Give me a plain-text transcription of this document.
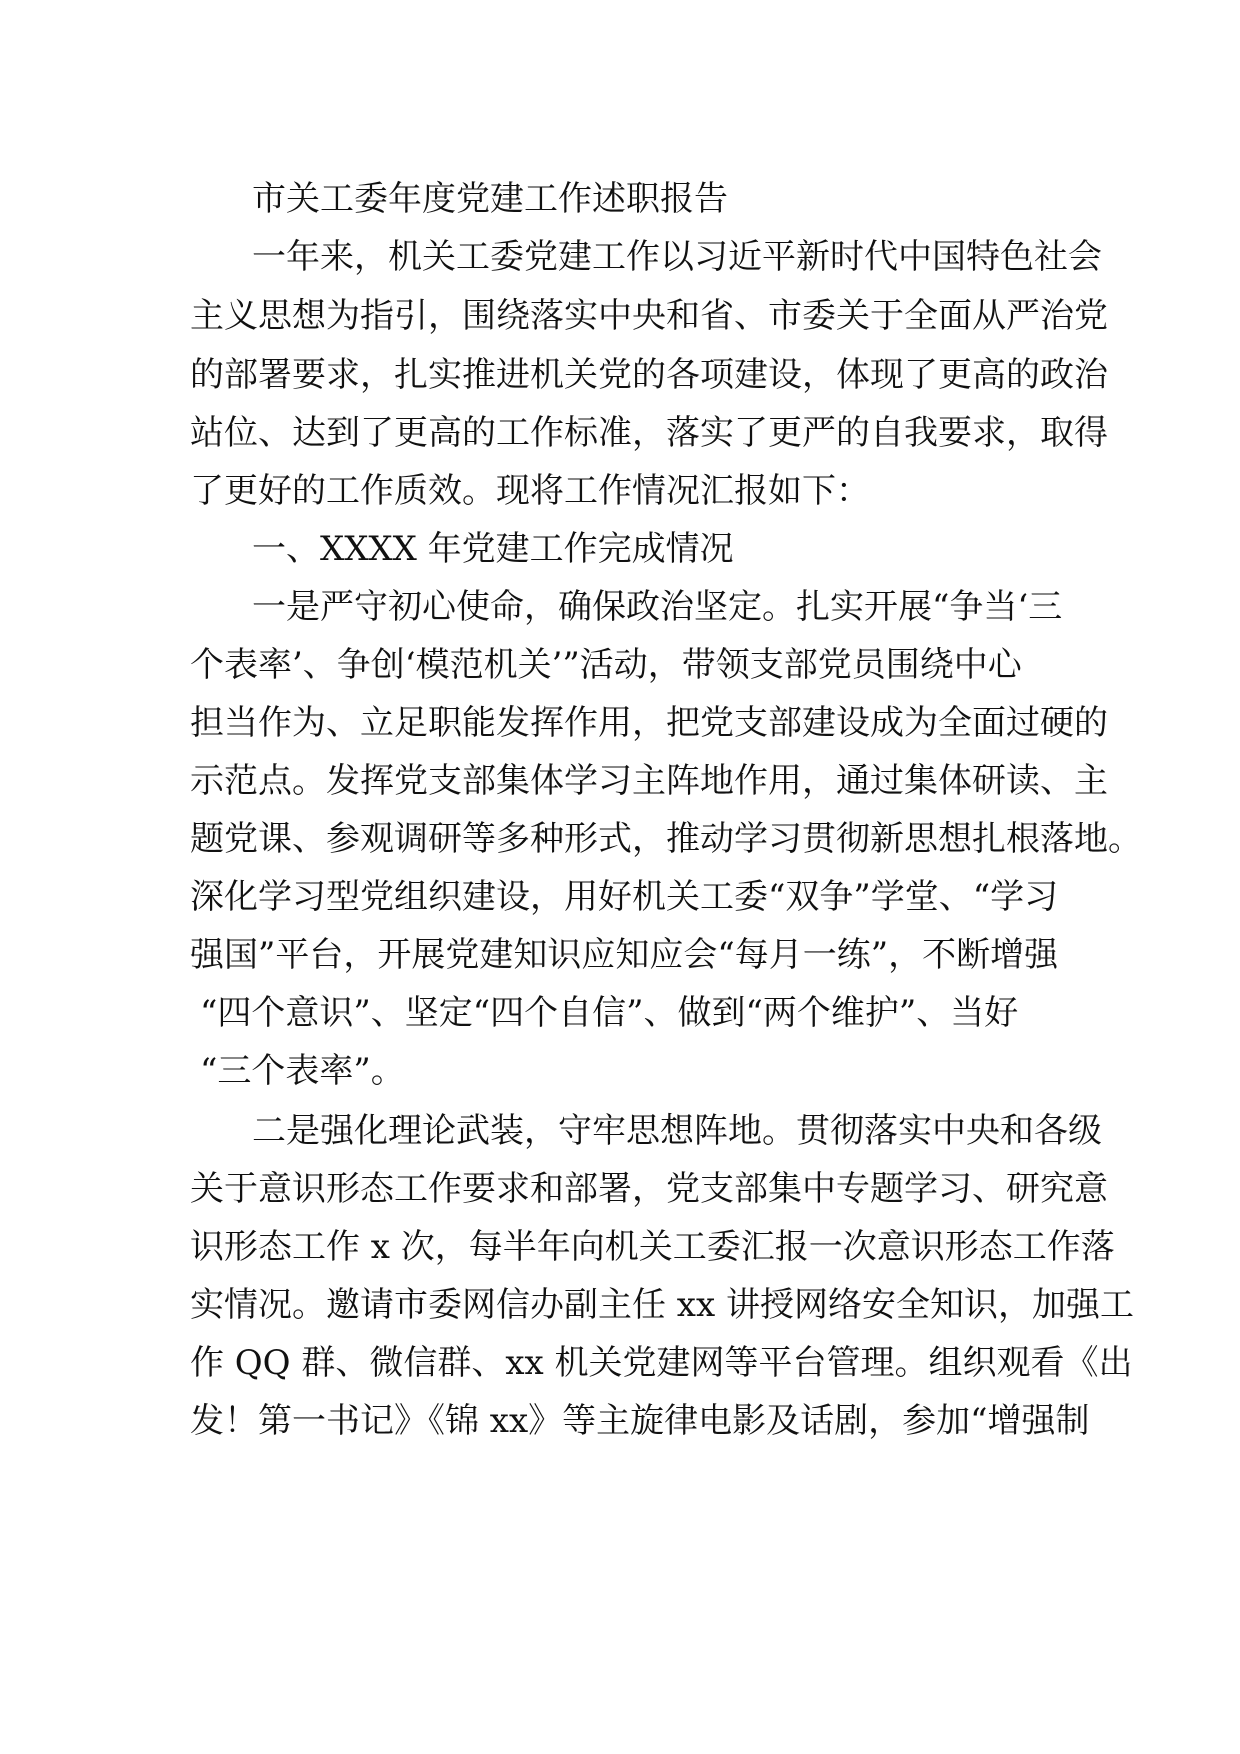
市关工委年度党建工作述职报告
一年来，机关工委党建工作以习近平新时代中国特色社会
主义思想为指引，围绕落实中央和省、市委关于全面从严治党
的部署要求，扎实推进机关党的各项建设，体现了更高的政治
站位、达到了更高的工作标准，落实了更严的自我要求，取得
了更好的工作质效。现将工作情况汇报如下：
一、XXXX 年党建工作完成情况
一是严守初心使命，确保政治坚定。扎实开展“争当‘三
个表率’、争创‘模范机关’”活动，带领支部党员围绕中心
担当作为、立足职能发挥作用，把党支部建设成为全面过硬的
示范点。发挥党支部集体学习主阵地作用，通过集体研读、主
题党课、参观调研等多种形式，推动学习贯彻新思想扎根落地。
深化学习型党组织建设，用好机关工委“双争”学堂、“学习
强国”平台，开展党建知识应知应会“每月一练”，不断增强
“四个意识”、坚定“四个自信”、做到“两个维护”、当好
“三个表率”。
二是强化理论武装，守牢思想阵地。贯彻落实中央和各级
关于意识形态工作要求和部署，党支部集中专题学习、研究意
识形态工作 x 次，每半年向机关工委汇报一次意识形态工作落
实情况。邀请市委网信办副主任 xx 讲授网络安全知识，加强工
作 QQ 群、微信群、xx 机关党建网等平台管理。组织观看《出
发！第一书记》《锦 xx》等主旋律电影及话剧，参加“增强制
